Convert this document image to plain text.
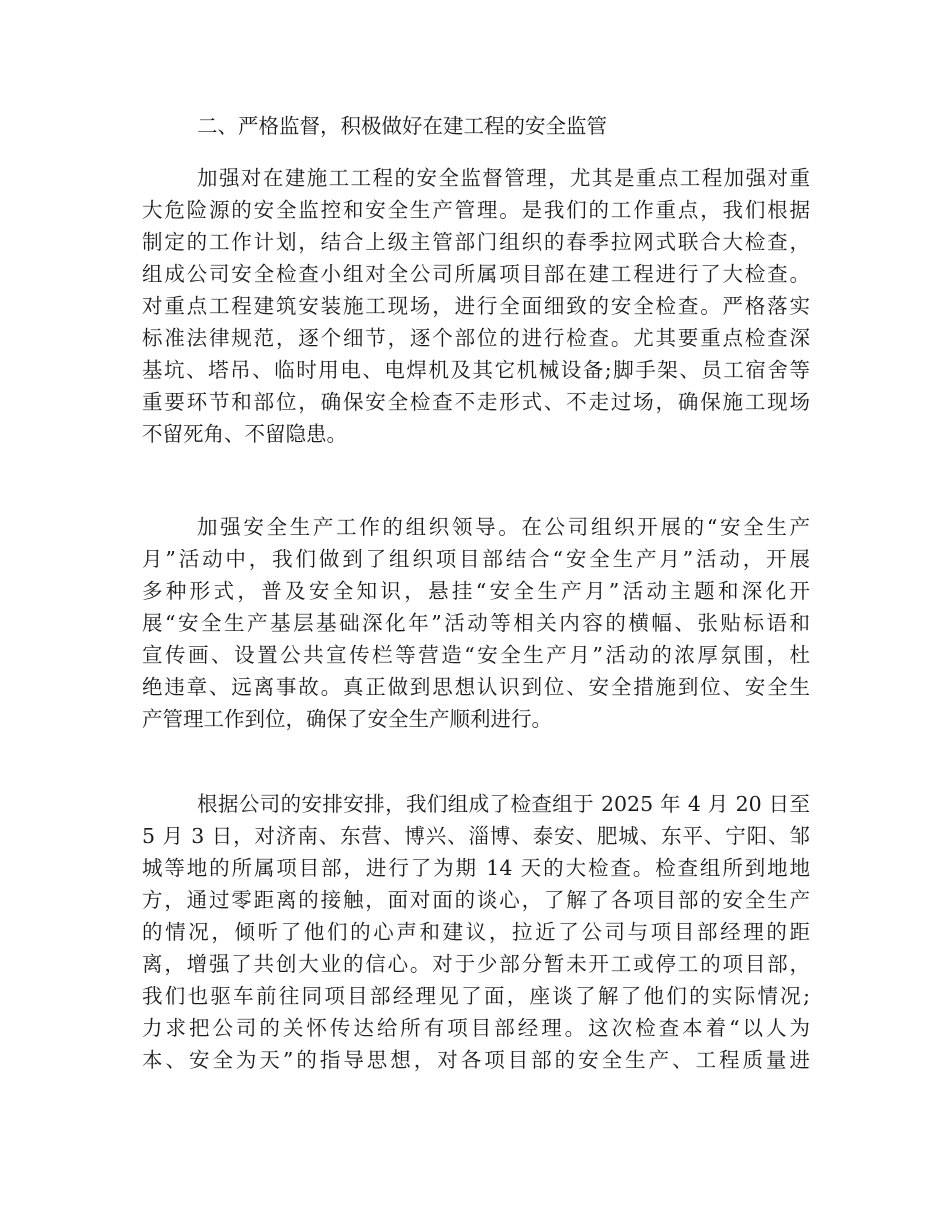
二、严格监督，积极做好在建工程的安全监管
加强对在建施工工程的安全监督管理，尤其是重点工程加强对重
大危险源的安全监控和安全生产管理。是我们的工作重点，我们根据
制定的工作计划，结合上级主管部门组织的春季拉网式联合大检查，
组成公司安全检查小组对全公司所属项目部在建工程进行了大检查。
对重点工程建筑安装施工现场，进行全面细致的安全检查。严格落实
标准法律规范，逐个细节，逐个部位的进行检查。尤其要重点检查深
基坑、塔吊、临时用电、电焊机及其它机械设备;脚手架、员工宿舍等
重要环节和部位，确保安全检查不走形式、不走过场，确保施工现场
不留死角、不留隐患。
加强安全生产工作的组织领导。在公司组织开展的“安全生产
月”活动中，我们做到了组织项目部结合“安全生产月”活动，开展
多种形式，普及安全知识，悬挂“安全生产月”活动主题和深化开
展“安全生产基层基础深化年”活动等相关内容的横幅、张贴标语和
宣传画、设置公共宣传栏等营造“安全生产月”活动的浓厚氛围，杜
绝违章、远离事故。真正做到思想认识到位、安全措施到位、安全生
产管理工作到位，确保了安全生产顺利进行。
根据公司的安排安排，我们组成了检查组于 2025 年 4 月 20 日至
5 月 3 日，对济南、东营、博兴、淄博、泰安、肥城、东平、宁阳、邹
城等地的所属项目部，进行了为期 14 天的大检查。检查组所到地地
方，通过零距离的接触，面对面的谈心，了解了各项目部的安全生产
的情况，倾听了他们的心声和建议，拉近了公司与项目部经理的距
离，增强了共创大业的信心。对于少部分暂未开工或停工的项目部，
我们也驱车前往同项目部经理见了面，座谈了解了他们的实际情况;
力求把公司的关怀传达给所有项目部经理。这次检查本着“以人为
本、安全为天”的指导思想，对各项目部的安全生产、工程质量进
